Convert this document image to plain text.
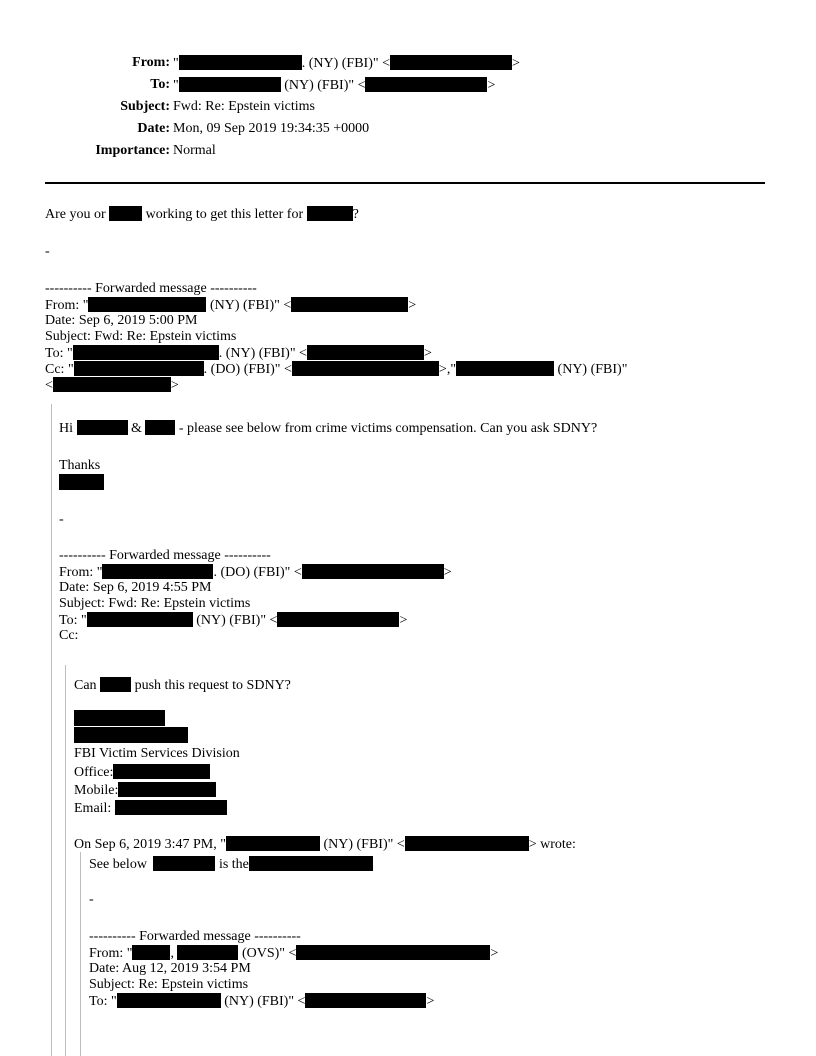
From: "	. (NY) (FBI)" <	>
To: "	(NY) (FBI)" <	>
Subject: Fwd: Re: Epstein victims
Date: Mon, 09 Sep 2019 19:34:35 +0000
Importance: Normal
Are you or  working to get this letter for	?
-
---------- Forwarded message ----------
From: "	(NY) (FBI)" <	>
Date: Sep 6, 2019 5:00 PM
Subject: Fwd: Re: Epstein victims
To: "	. (NY) (FBI)" <	>
Cc: "	. (DO) (FBI)" <	>,"	(NY) (FBI)"
<	>
Hi	&  - please see below from crime victims compensation. Can you ask SDNY?
Thanks
-
---------- Forwarded message ----------
From: "	. (DO) (FBI)" <	>
Date: Sep 6, 2019 4:55 PM
Subject: Fwd: Re: Epstein victims
To: "	(NY) (FBI)" <	>
Cc:
Can  push this request to SDNY?
FBI Victim Services Division
Office:
Mobile:
Email:
On Sep 6, 2019 3:47 PM, "	(NY) (FBI)" <	> wrote:
See below	is the
-
---------- Forwarded message ----------
From: "	,	(OVS)" <	>
Date: Aug 12, 2019 3:54 PM
Subject: Re: Epstein victims
To: "	(NY) (FBI)" <	>
